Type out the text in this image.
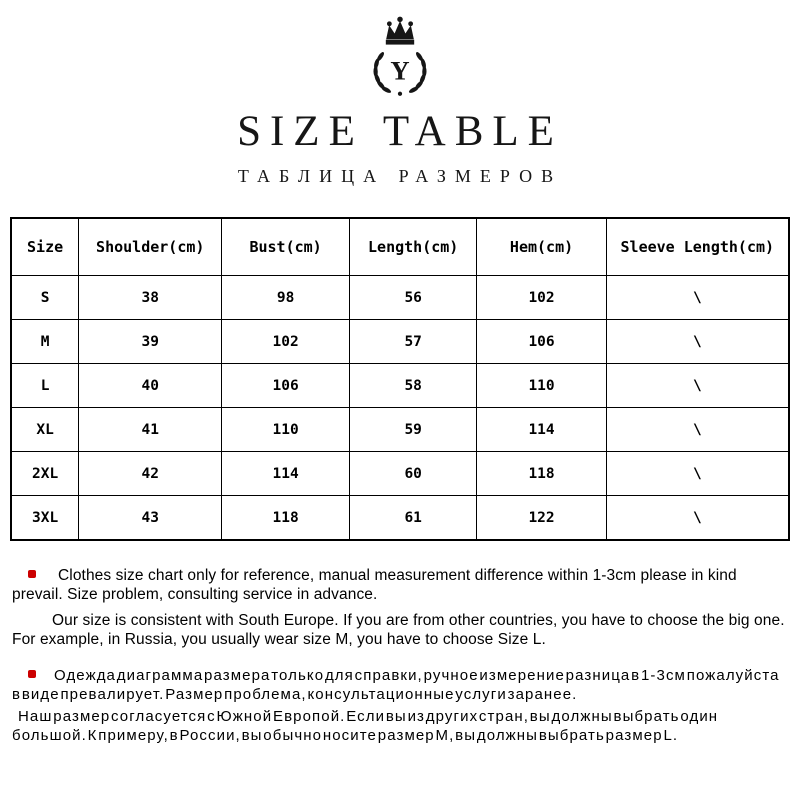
Y
SIZE TABLE
ТАБЛИЦА РАЗМЕРОВ
Size	Shoulder(cm)	Bust(cm)	Length(cm)	Hem(cm)	Sleeve Length(cm)
S	38	98	56	102	\
M	39	102	57	106	\
L	40	106	58	110	\
XL	41	110	59	114	\
2XL	42	114	60	118	\
3XL	43	118	61	122	\

Clothes size chart only for reference, manual measurement difference within 1-3cm please in kind prevail. Size problem, consulting service in advance.

Our size is consistent with South Europe. If you are from other countries, you have to choose the big one. For example, in Russia, you usually wear size M, you have to choose Size L.

Одежда диаграмма размера только для справки, ручное измерение разница в 1-3см пожалуйста в виде превалирует. Размер проблема, консультационные услуги заранее.

Наш размер согласуется с Южной Европой. Если вы из других стран, вы должны выбрать один большой. К примеру, в России, вы обычно носите размер M, вы должны выбрать размер L.
